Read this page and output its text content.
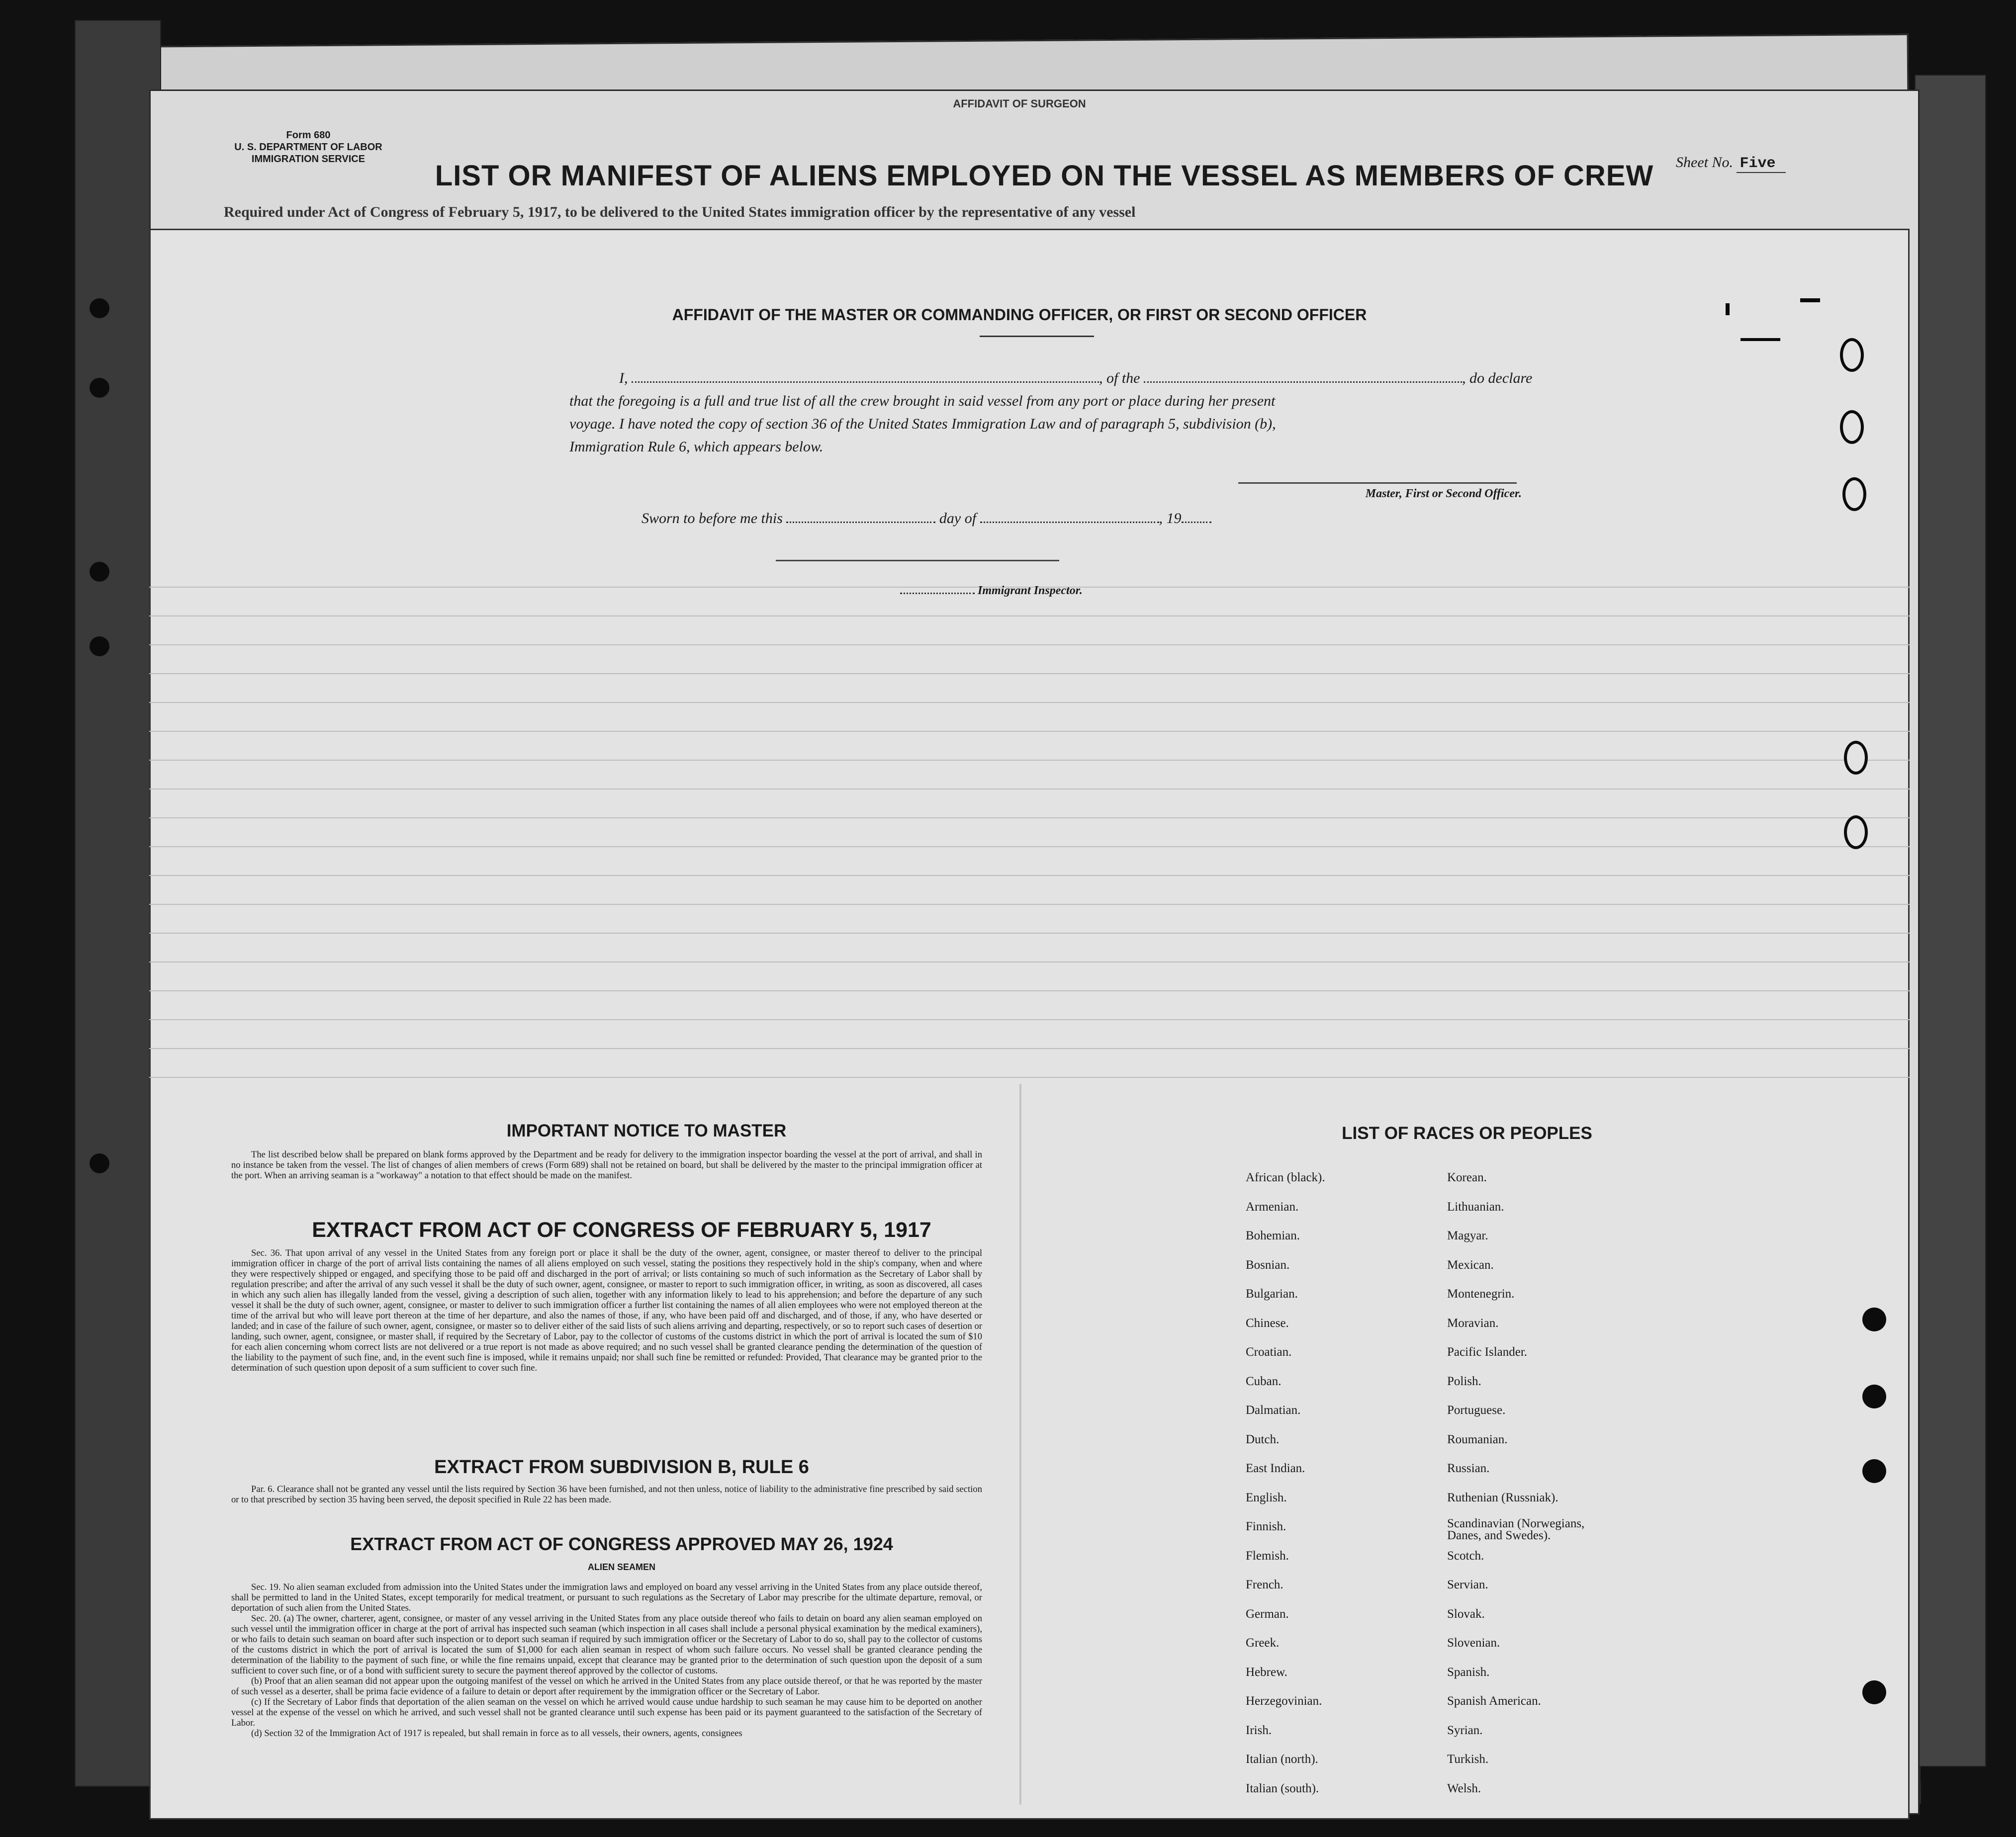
AFFIDAVIT OF SURGEON
Form 680
U. S. DEPARTMENT OF LABOR
IMMIGRATION SERVICE
LIST OR MANIFEST OF ALIENS EMPLOYED ON THE VESSEL AS MEMBERS OF CREW	Sheet No. Five
Required under Act of Congress of February 5, 1917, to be delivered to the United States immigration officer by the representative of any vessel
AFFIDAVIT OF THE MASTER OR COMMANDING OFFICER, OR FIRST OR SECOND OFFICER
I,	, of the	, do declare
that the foregoing is a full and true list of all the crew brought in said vessel from any port or place during her present
voyage. I have noted the copy of section 36 of the United States Immigration Law and of paragraph 5, subdivision (b),
Immigration Rule 6, which appears below.
Master, First or Second Officer.
Sworn to before me this	day of	, 19
Immigrant Inspector.
IMPORTANT NOTICE TO MASTER
The list described below shall be prepared on blank forms approved by the Department and be ready for delivery to the immigration inspector boarding the vessel at the port of arrival, and shall in no instance be taken from the vessel. The list of changes of alien members of crews (Form 689) shall not be retained on board, but shall be delivered by the master to the principal immigration officer at the port. When an arriving seaman is a "workaway" a notation to that effect should be made on the manifest.
EXTRACT FROM ACT OF CONGRESS OF FEBRUARY 5, 1917
Sec. 36. That upon arrival of any vessel in the United States from any foreign port or place it shall be the duty of the owner, agent, consignee, or master thereof to deliver to the principal immigration officer in charge of the port of arrival lists containing the names of all aliens employed on such vessel, stating the positions they respectively hold in the ship's company, when and where they were respectively shipped or engaged, and specifying those to be paid off and discharged in the port of arrival; or lists containing so much of such information as the Secretary of Labor shall by regulation prescribe; and after the arrival of any such vessel it shall be the duty of such owner, agent, consignee, or master to report to such immigration officer, in writing, as soon as discovered, all cases in which any such alien has illegally landed from the vessel, giving a description of such alien, together with any information likely to lead to his apprehension; and before the departure of any such vessel it shall be the duty of such owner, agent, consignee, or master to deliver to such immigration officer a further list containing the names of all alien employees who were not employed thereon at the time of the arrival but who will leave port thereon at the time of her departure, and also the names of those, if any, who have been paid off and discharged, and of those, if any, who have deserted or landed; and in case of the failure of such owner, agent, consignee, or master so to deliver either of the said lists of such aliens arriving and departing, respectively, or so to report such cases of desertion or landing, such owner, agent, consignee, or master shall, if required by the Secretary of Labor, pay to the collector of customs of the customs district in which the port of arrival is located the sum of $10 for each alien concerning whom correct lists are not delivered or a true report is not made as above required; and no such vessel shall be granted clearance pending the determination of the question of the liability to the payment of such fine, and, in the event such fine is imposed, while it remains unpaid; nor shall such fine be remitted or refunded: Provided, That clearance may be granted prior to the determination of such question upon deposit of a sum sufficient to cover such fine.
EXTRACT FROM SUBDIVISION B, RULE 6
Par. 6. Clearance shall not be granted any vessel until the lists required by Section 36 have been furnished, and not then unless, notice of liability to the administrative fine prescribed by said section or to that prescribed by section 35 having been served, the deposit specified in Rule 22 has been made.
EXTRACT FROM ACT OF CONGRESS APPROVED MAY 26, 1924
ALIEN SEAMEN

Sec. 19. No alien seaman excluded from admission into the United States under the immigration laws and employed on board any vessel arriving in the United States from any place outside thereof, shall be permitted to land in the United States, except temporarily for medical treatment, or pursuant to such regulations as the Secretary of Labor may prescribe for the ultimate departure, removal, or deportation of such alien from the United States.

Sec. 20. (a) The owner, charterer, agent, consignee, or master of any vessel arriving in the United States from any place outside thereof who fails to detain on board any alien seaman employed on such vessel until the immigration officer in charge at the port of arrival has inspected such seaman (which inspection in all cases shall include a personal physical examination by the medical examiners), or who fails to detain such seaman on board after such inspection or to deport such seaman if required by such immigration officer or the Secretary of Labor to do so, shall pay to the collector of customs of the customs district in which the port of arrival is located the sum of $1,000 for each alien seaman in respect of whom such failure occurs. No vessel shall be granted clearance pending the determination of the liability to the payment of such fine, or while the fine remains unpaid, except that clearance may be granted prior to the determination of such question upon the deposit of a sum sufficient to cover such fine, or of a bond with sufficient surety to secure the payment thereof approved by the collector of customs.

(b) Proof that an alien seaman did not appear upon the outgoing manifest of the vessel on which he arrived in the United States from any place outside thereof, or that he was reported by the master of such vessel as a deserter, shall be prima facie evidence of a failure to detain or deport after requirement by the immigration officer or the Secretary of Labor.

(c) If the Secretary of Labor finds that deportation of the alien seaman on the vessel on which he arrived would cause undue hardship to such seaman he may cause him to be deported on another vessel at the expense of the vessel on which he arrived, and such vessel shall not be granted clearance until such expense has been paid or its payment guaranteed to the satisfaction of the Secretary of Labor.

(d) Section 32 of the Immigration Act of 1917 is repealed, but shall remain in force as to all vessels, their owners, agents, consignees

LIST OF RACES OR PEOPLES
African (black).
Armenian.
Bohemian.
Bosnian.
Bulgarian.
Chinese.
Croatian.
Cuban.
Dalmatian.
Dutch.
East Indian.
English.
Finnish.
Flemish.
French.
German.
Greek.
Hebrew.
Herzegovinian.
Irish.
Italian (north).
Italian (south).
Korean.
Lithuanian.
Magyar.
Mexican.
Montenegrin.
Moravian.
Pacific Islander.
Polish.
Portuguese.
Roumanian.
Russian.
Ruthenian (Russniak).
Scandinavian (Norwegians, Danes, and Swedes).
Scotch.
Servian.
Slovak.
Slovenian.
Spanish.
Spanish American.
Syrian.
Turkish.
Welsh.
